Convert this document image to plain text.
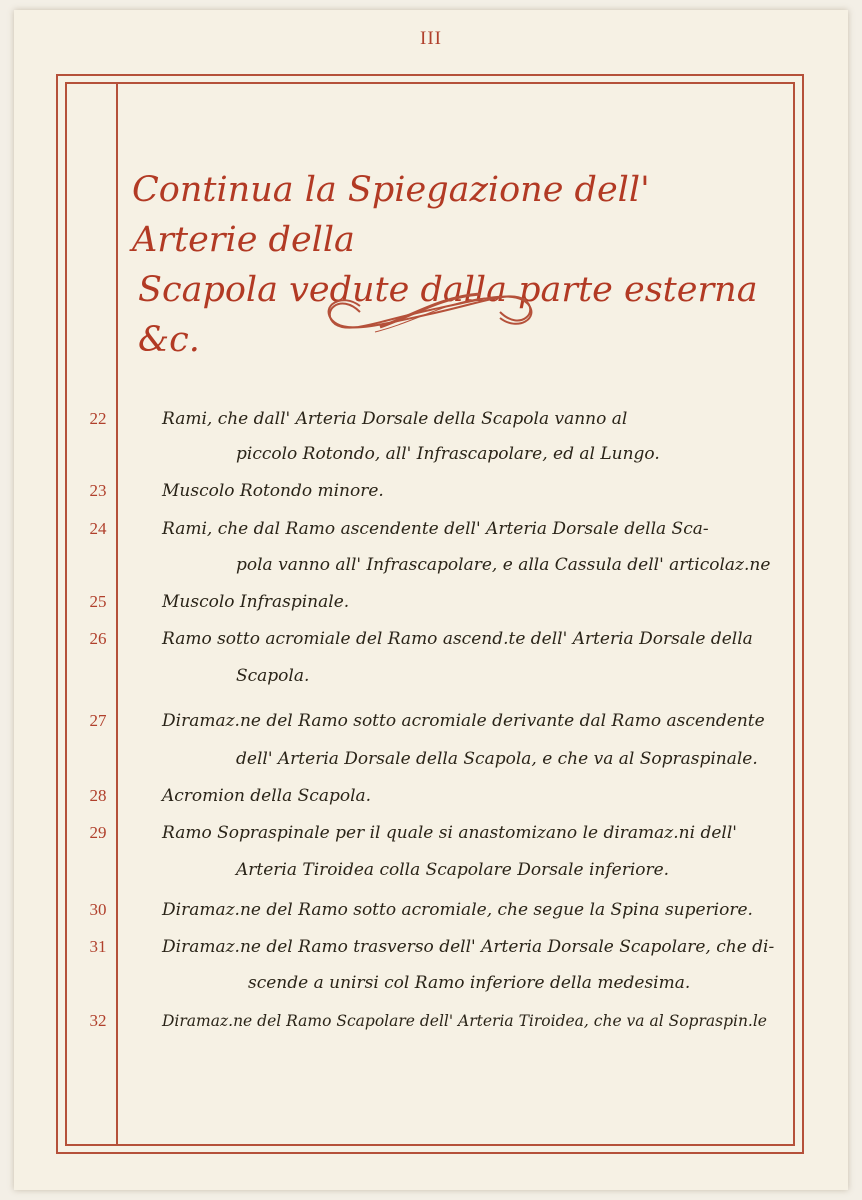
III
Continua la Spiegazione dell' Arterie della
Scapola vedute dalla parte esterna &c.
22	Rami, che dall' Arteria Dorsale della Scapola vanno al
piccolo Rotondo, all' Infrascapolare, ed al Lungo.
23	Muscolo Rotondo minore.
24	Rami, che dal Ramo ascendente dell' Arteria Dorsale della Sca-
pola vanno all' Infrascapolare, e alla Cassula dell' articolaz.ne
25	Muscolo Infraspinale.
26	Ramo sotto acromiale del Ramo ascend.te dell' Arteria Dorsale della
Scapola.
27	Diramaz.ne del Ramo sotto acromiale derivante dal Ramo ascendente
dell' Arteria Dorsale della Scapola, e che va al Sopraspinale.
28	Acromion della Scapola.
29	Ramo Sopraspinale per il quale si anastomizano le diramaz.ni dell'
Arteria Tiroidea colla Scapolare Dorsale inferiore.
30	Diramaz.ne del Ramo sotto acromiale, che segue la Spina superiore.
31	Diramaz.ne del Ramo trasverso dell' Arteria Dorsale Scapolare, che di-
scende a unirsi col Ramo inferiore della medesima.
32	Diramaz.ne del Ramo Scapolare dell' Arteria Tiroidea, che va al Sopraspin.le
